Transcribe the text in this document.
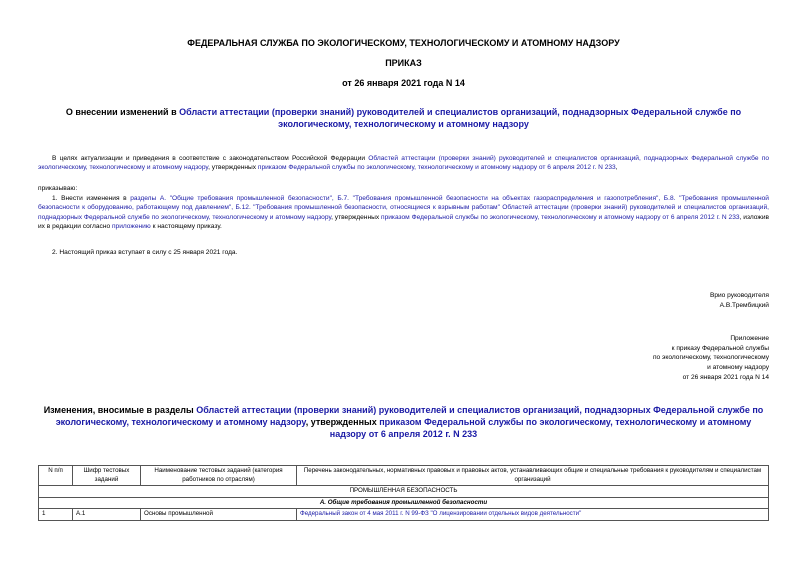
ФЕДЕРАЛЬНАЯ СЛУЖБА ПО ЭКОЛОГИЧЕСКОМУ, ТЕХНОЛОГИЧЕСКОМУ И АТОМНОМУ НАДЗОРУ
ПРИКАЗ
от 26 января 2021 года N 14
О внесении изменений в Области аттестации (проверки знаний) руководителей и специалистов организаций, поднадзорных Федеральной службе по экологическому, технологическому и атомному надзору
В целях актуализации и приведения в соответствие с законодательством Российской Федерации Областей аттестации (проверки знаний) руководителей и специалистов организаций, поднадзорных Федеральной службе по экологическому, технологическому и атомному надзору, утвержденных приказом Федеральной службы по экологическому, технологическому и атомному надзору от 6 апреля 2012 г. N 233,
приказываю:
1. Внести изменения в разделы А. "Общие требования промышленной безопасности", Б.7. "Требования промышленной безопасности на объектах газораспределения и газопотребления", Б.8. "Требования промышленной безопасности к оборудованию, работающему под давлением", Б.12. "Требования промышленной безопасности, относящиеся к взрывным работам" Областей аттестации (проверки знаний) руководителей и специалистов организаций, поднадзорных Федеральной службе по экологическому, технологическому и атомному надзору, утвержденных приказом Федеральной службы по экологическому, технологическому и атомному надзору от 6 апреля 2012 г. N 233, изложив их в редакции согласно приложению к настоящему приказу.
2. Настоящий приказ вступает в силу с 25 января 2021 года.
Врио руководителя
А.В.Трембицкий
Приложение
к приказу Федеральной службы
по экологическому, технологическому
и атомному надзору
от 26 января 2021 года N 14
Изменения, вносимые в разделы Областей аттестации (проверки знаний) руководителей и специалистов организаций, поднадзорных Федеральной службе по экологическому, технологическому и атомному надзору, утвержденных приказом Федеральной службы по экологическому, технологическому и атомному надзору от 6 апреля 2012 г. N 233
N п/п	Шифр тестовых заданий	Наименование тестовых заданий (категория работников по отраслям)	Перечень законодательных, нормативных правовых и правовых актов, устанавливающих общие и специальные требования к руководителям и специалистам организаций
ПРОМЫШЛЕННАЯ БЕЗОПАСНОСТЬ			
А. Общие требования промышленной безопасности			
1	А.1	Основы промышленной	Федеральный закон от 4 мая 2011 г. N 99-ФЗ "О лицензировании отдельных видов деятельности"
